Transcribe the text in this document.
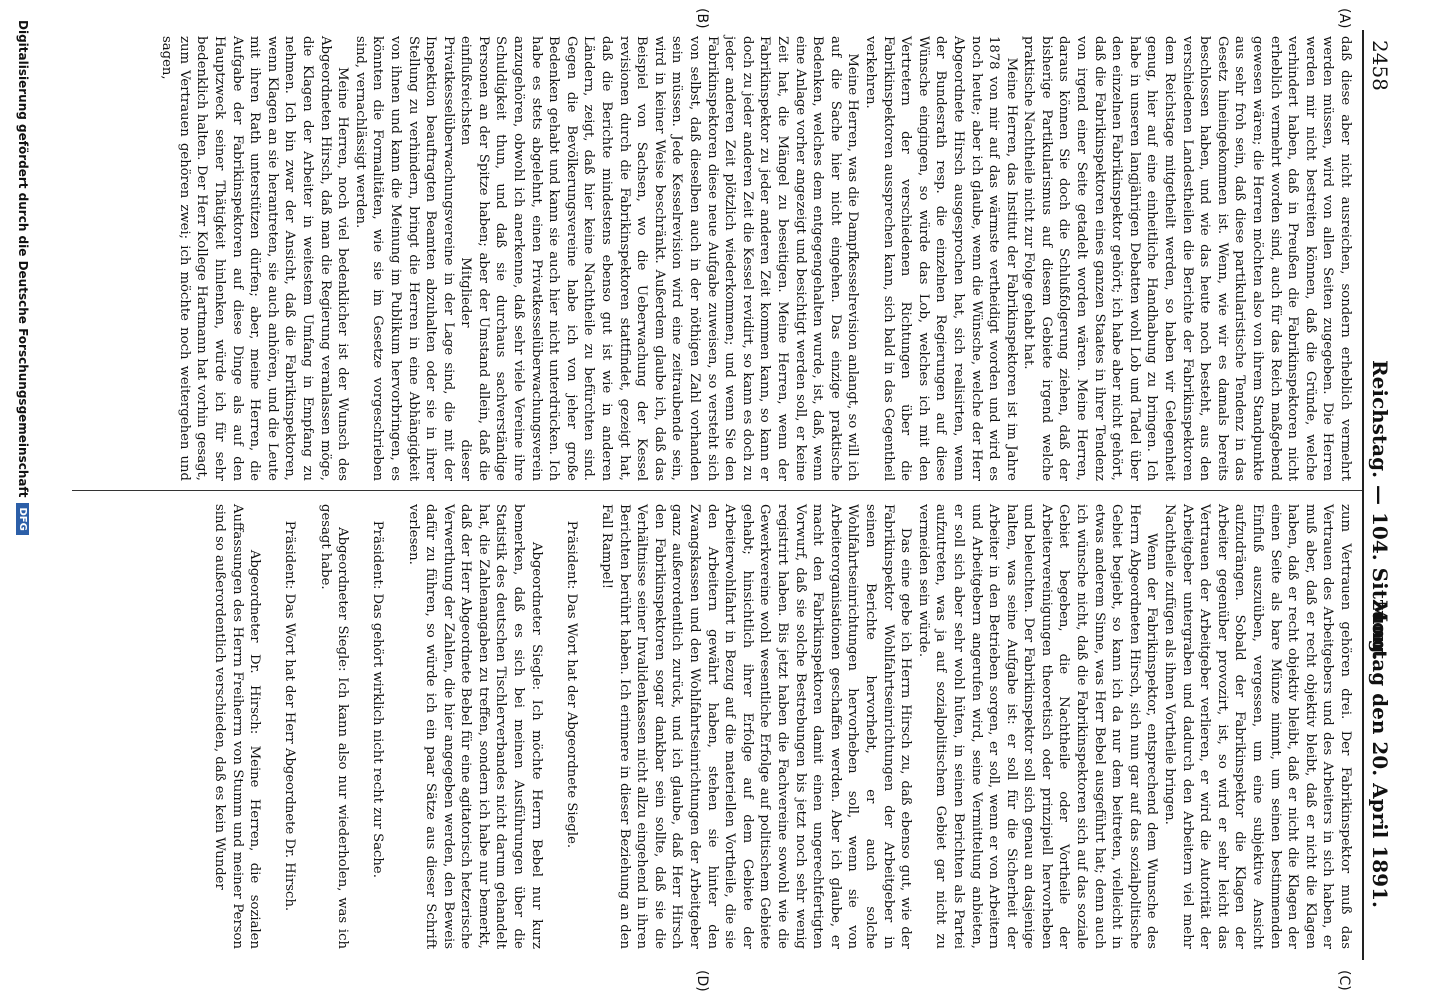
2458
Reichstag. — 104. Sitzung.
Montag den 20. April 1891.
(A)
(B)
(C)
(D)
daß diese aber nicht ausreichen, sondern erheblich vermehrt werden müssen, wird von allen Seiten zugegeben. Die Herren werden mir nicht bestreiten können, daß die Gründe, welche verhindert haben, daß in Preußen die Fabrikinspektoren nicht erheblich vermehrt worden sind, auch für das Reich maßgebend gewesen wären; die Herren möchten also von ihrem Standpunkte aus sehr froh sein, daß diese partikularistische Tendenz in das Gesetz hineingekommen ist. Wenn, wie wir es damals bereits beschlossen haben, und wie das heute noch besteht, aus den verschiedenen Landestheilen die Berichte der Fabrikinspektoren dem Reichstage mitgetheilt werden, so haben wir Gelegenheit genug, hier auf eine einheitliche Handhabung zu bringen. Ich habe in unseren langjährigen Debatten wohl Lob und Tadel über den einzelnen Fabrikinspektor gehört; ich habe aber nicht gehört, daß die Fabrikinspektoren eines ganzen Staates in ihrer Tendenz von irgend einer Seite getadelt worden wären. Meine Herren, daraus können Sie doch die Schlußfolgerung ziehen, daß der bisherige Partikularismus auf diesem Gebiete irgend welche praktische Nachtheile nicht zur Folge gehabt hat.
Meine Herren, das Institut der Fabrikinspektoren ist im Jahre 1878 von mir auf das wärmste vertheidigt worden und wird es noch heute; aber ich glaube, wenn die Wünsche, welche der Herr Abgeordnete Hirsch ausgesprochen hat, sich realisirten, wenn der Bundesrath resp. die einzelnen Regierungen auf diese Wünsche eingingen, so würde das Lob, welches ich mit den Vertretern der verschiedenen Richtungen über die Fabrikinspektoren aussprechen kann, sich bald in das Gegentheil verkehren.
Meine Herren, was die Dampfkesselrevision anlangt, so will ich auf die Sache hier nicht eingehen. Das einzige praktische Bedenken, welches dem entgegengehalten wurde, ist, daß, wenn eine Anlage vorher angezeigt und besichtigt werden soll, er keine Zeit hat, die Mängel zu beseitigen. Meine Herren, wenn der Fabrikinspektor zu jeder anderen Zeit kommen kann, so kann er doch zu jeder anderen Zeit die Kessel revidirt, so kann es doch zu jeder anderen Zeit plötzlich wiederkommen; und wenn Sie den Fabrikinspektoren diese neue Aufgabe zuweisen, so versteht sich von selbst, daß dieselben auch in der nöthigen Zahl vorhanden sein müssen. Jede Kesselrevision wird eine zeitraubende sein, wird in keiner Weise beschränkt. Außerdem glaube ich, daß das Beispiel von Sachsen, wo die Ueberwachung der Kessel revisionen durch die Fabrikinspektoren stattfindet, gezeigt hat, daß die Berichte mindestens ebenso gut ist wie in anderen Ländern, zeigt, daß hier keine Nachtheile zu befürchten sind. Gegen die Bevölkerungsvereine habe ich von jeher große Bedenken gehabt und kann sie auch hier nicht unterdrücken. Ich habe es stets abgelehnt, einen Privatkesselüberwachungsverein anzugehören, obwohl ich anerkenne, daß sehr viele Vereine ihre Schuldigkeit thun, und daß sie durchaus sachverständige Personen an der Spitze haben; aber der Umstand allein, daß die einflußreichsten Mitglieder dieser Privatkesselüberwachungsvereine in der Lage sind, die mit der Inspektion beauftragten Beamten abzuhalten oder sie in ihrer Stellung zu verhindern, bringt die Herren in eine Abhängigkeit von ihnen und kann die Meinung im Publikum hervorbringen, es könnten die Formalitäten, wie sie im Gesetze vorgeschrieben sind, vernachlässigt werden.
Meine Herren, noch viel bedenklicher ist der Wunsch des Abgeordneten Hirsch, daß man die Regierung veranlassen möge, die Klagen der Arbeiter in weitestem Umfang in Empfang zu nehmen. Ich bin zwar der Ansicht, daß die Fabrikinspektoren, wenn Klagen an sie herantreten, sie auch anhören, und die Leute mit ihren Rath unterstützen dürfen; aber, meine Herren, die Aufgabe der Fabrikinspektoren auf diese Dinge als auf den Hauptzweck seiner Thätigkeit hinlenken, würde ich für sehr bedenklich halten. Der Herr Kollege Hartmann hat vorhin gesagt, zum Vertrauen gehören zwei; ich möchte noch weitergehen und sagen,
zum Vertrauen gehören drei. Der Fabrikinspektor muß das Vertrauen des Arbeitgebers und des Arbeiters in sich haben, er muß aber, daß er recht objektiv bleibt, daß er nicht die Klagen haben, daß er recht objektiv bleibt, daß er nicht die Klagen der einen Seite als bare Münze nimmt, um seinen bestimmenden Einfluß auszuüben, vergessen, um eine subjektive Ansicht aufzudrängen. Sobald der Fabrikinspektor die Klagen der Arbeiter gegenüber provozirt, ist, so wird er sehr leicht das Vertrauen der Arbeitgeber verlieren, er wird die Autorität der Arbeitgeber untergraben und dadurch den Arbeitern viel mehr Nachtheile zufügen als ihnen Vortheile bringen.
Wenn der Fabrikinspektor, entsprechend dem Wunsche des Herrn Abgeordneten Hirsch, sich nun gar auf das sozialpolitische Gebiet begiebt, so kann ich da nur dem beitreten, vielleicht in etwas anderem Sinne, was Herr Bebel ausgeführt hat; denn auch ich wünsche nicht, daß die Fabrikinspektoren sich auf das soziale Gebiet begeben, die Nachtheile oder Vortheile der Arbeitervereinigungen theoretisch oder prinzipiell hervorheben und beleuchten. Der Fabrikinspektor soll sich genau an dasjenige halten, was seine Aufgabe ist: er soll für die Sicherheit der Arbeiter in den Betrieben sorgen, er soll, wenn er von Arbeitern und Arbeitgebern angerufen wird, seine Vermittelung anbieten, er soll sich aber sehr wohl hüten, in seinen Berichten als Partei aufzutreten, was ja auf sozialpolitischem Gebiet gar nicht zu vermeiden sein würde.
Das eine gebe ich Herrn Hirsch zu, daß ebenso gut, wie der Fabrikinspektor Wohlfahrtseinrichtungen der Arbeitgeber in seinen Berichte hervorhebt, er auch solche Wohlfahrtseinrichtungen hervorheben soll, wenn sie von Arbeiterorganisationen geschaffen werden. Aber ich glaube, er macht den Fabrikinspektoren damit einen ungerechtfertigten Vorwurf, daß sie solche Bestrebungen bis jetzt noch sehr wenig registrirt haben. Bis jetzt haben die Fachvereine sowohl wie die Gewerkvereine wohl wesentliche Erfolge auf politischem Gebiete gehabt; hinsichtlich ihrer Erfolge auf dem Gebiete der Arbeiterwohlfahrt in Bezug auf die materiellen Vortheile, die sie den Arbeitern gewährt haben, stehen sie hinter den Zwangskassen und den Wohlfahrtseinrichtungen der Arbeitgeber ganz außerordentlich zurück, und ich glaube, daß Herr Hirsch den Fabrikinspektoren sogar dankbar sein sollte, daß sie die Verhältnisse seiner Invalidenkassen nicht allzu eingehend in ihren Berichten berührt haben. Ich erinnere in dieser Beziehung an den Fall Rampel!

Präsident: Das Wort hat der Abgeordnete Siegle.

Abgeordneter Siegle: Ich möchte Herrn Bebel nur kurz bemerken, daß es sich bei meinen Ausführungen über die Statistik des deutschen Tischlerverbandes nicht darum gehandelt hat, die Zahlenangaben zu treffen, sondern ich habe nur bemerkt, daß der Herr Abgeordnete Bebel für eine agitatorisch hetzerische Verwerthung der Zahlen, die hier angegeben werden, den Beweis dafür zu führen, so würde ich ein paar Sätze aus dieser Schrift verlesen.

Präsident: Das gehört wirklich nicht recht zur Sache.

Abgeordneter Siegle: Ich kann also nur wiederholen, was ich gesagt habe.

Präsident: Das Wort hat der Herr Abgeordnete Dr. Hirsch.

Abgeordneter Dr. Hirsch: Meine Herren, die sozialen Auffassungen des Herrn Freiherrn von Stumm und meiner Person sind so außerordentlich verschieden, daß es kein Wunder
Digitalisierung gefördert durch die Deutsche Forschungsgemeinschaft
DFG
